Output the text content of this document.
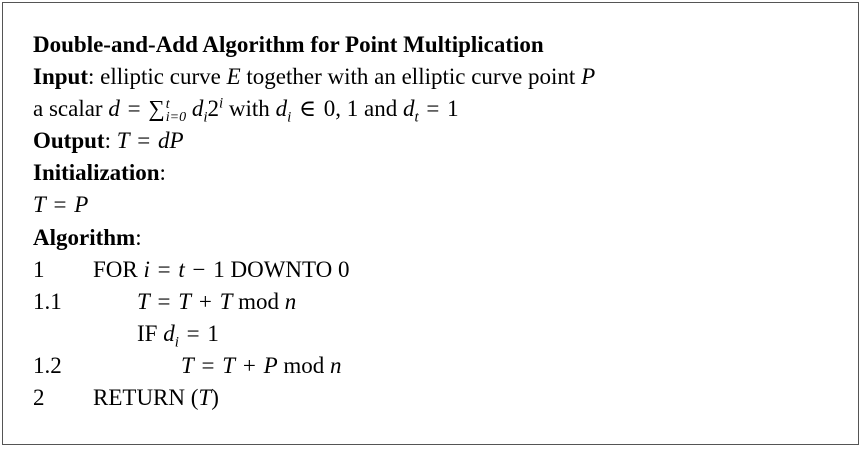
Double-and-Add Algorithm for Point Multiplication
Input: elliptic curve E together with an elliptic curve point P
a scalar d = ∑ t
i=0 $d_i2^i$ with $d_i$ ∈ 0, 1 and $d_t = 1$
Output: T = dP
Initialization:
T = P
Algorithm:
1 FOR i = t − 1 DOWNTO 0
1.1	T = T + T mod n
IF $d_i = 1$
1.2	T = T + P mod n
2 RETURN (T)
